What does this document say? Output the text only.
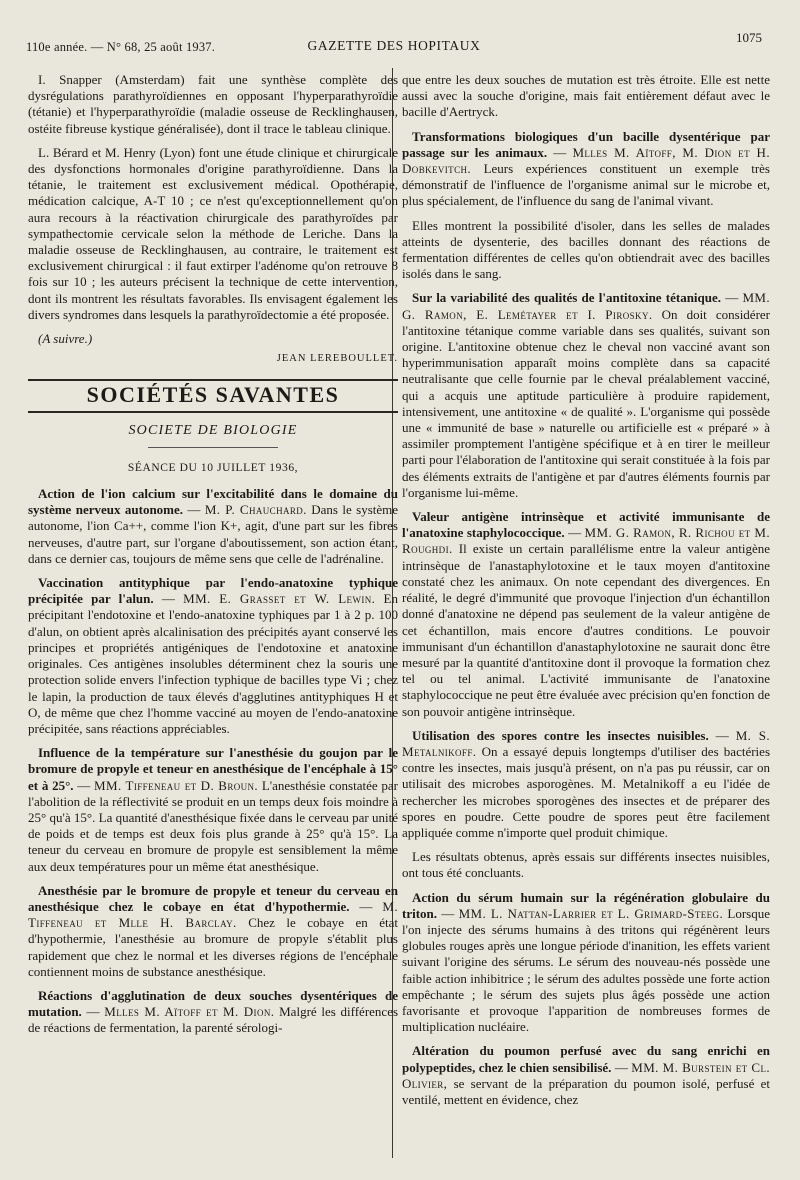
110e année. — N° 68, 25 août 1937.	GAZETTE DES HOPITAUX
1075

I. Snapper (Amsterdam) fait une synthèse complète des dysrégulations parathyroïdiennes en opposant l'hyperparathyroïdie (tétanie) et l'hyperparathyroïdie (maladie osseuse de Recklinghausen, ostéite fibreuse kystique généralisée), dont il trace le tableau clinique.

L. Bérard et M. Henry (Lyon) font une étude clinique et chirurgicale des dysfonctions hormonales d'origine parathyroïdienne. Dans la tétanie, le traitement est exclusivement médical. Opothérapie, médication calcique, A-T 10 ; ce n'est qu'exceptionnellement qu'on aura recours à la réactivation chirurgicale des parathyroïdes par sympathectomie cervicale selon la méthode de Leriche. Dans la maladie osseuse de Recklinghausen, au contraire, le traitement est exclusivement chirurgical : il faut extirper l'adénome qu'on retrouve 8 fois sur 10 ; les auteurs précisent la technique de cette intervention, dont ils montrent les résultats favorables. Ils envisagent également les divers syndromes dans lesquels la parathyroïdectomie a été proposée.

(A suivre.)

JEAN LEREBOULLET.

SOCIÉTÉS SAVANTES
SOCIETE DE BIOLOGIE
SÉANCE DU 10 JUILLET 1936,

Action de l'ion calcium sur l'excitabilité dans le domaine du système nerveux autonome. — M. P. Chauchard. Dans le système autonome, l'ion Ca++, comme l'ion K+, agit, d'une part sur les fibres nerveuses, d'autre part, sur l'organe d'aboutissement, son action étant, dans ce dernier cas, toujours de même sens que celle de l'adrénaline.

Vaccination antityphique par l'endo-anatoxine typhique précipitée par l'alun. — MM. E. Grasset et W. Lewin. En précipitant l'endotoxine et l'endo-anatoxine typhiques par 1 à 2 p. 100 d'alun, on obtient après alcalinisation des précipités ayant conservé les principes et propriétés antigéniques de l'endotoxine et anatoxine originales. Ces antigènes insolubles déterminent chez la souris une protection solide envers l'infection typhique de bacilles type Vi ; chez le lapin, la production de taux élevés d'agglutines antityphiques H et O, de même que chez l'homme vacciné au moyen de l'endo-anatoxine précipitée, sans réactions appréciables.

Influence de la température sur l'anesthésie du goujon par le bromure de propyle et teneur en anesthésique de l'encéphale à 15° et à 25°. — MM. Tiffeneau et D. Broun. L'anesthésie constatée par l'abolition de la réflectivité se produit en un temps deux fois moindre à 25° qu'à 15°. La quantité d'anesthésique fixée dans le cerveau par unité de poids et de temps est deux fois plus grande à 25° qu'à 15°. La teneur du cerveau en bromure de propyle est sensiblement la même aux deux températures pour un même état anesthésique.

Anesthésie par le bromure de propyle et teneur du cerveau en anesthésique chez le cobaye en état d'hypothermie. — M. Tiffeneau et Mlle H. Barclay. Chez le cobaye en état d'hypothermie, l'anesthésie au bromure de propyle s'établit plus rapidement que chez le normal et les diverses régions de l'encéphale contiennent moins de substance anesthésique.

Réactions d'agglutination de deux souches dysentériques de mutation. — Mlles M. Aïtoff et M. Dion. Malgré les différences de réactions de fermentation, la parenté sérologi-

que entre les deux souches de mutation est très étroite. Elle est nette aussi avec la souche d'origine, mais fait entièrement défaut avec le bacille d'Aertryck.

Transformations biologiques d'un bacille dysentérique par passage sur les animaux. — Mlles M. Aïtoff, M. Dion et H. Dobkevitch. Leurs expériences constituent un exemple très démonstratif de l'influence de l'organisme animal sur le microbe et, plus spécialement, de l'influence du sang de l'animal vivant.

Elles montrent la possibilité d'isoler, dans les selles de malades atteints de dysenterie, des bacilles donnant des réactions de fermentation différentes de celles qu'on obtiendrait avec des bacilles isolés dans le sang.

Sur la variabilité des qualités de l'antitoxine tétanique. — MM. G. Ramon, E. Lemétayer et I. Pirosky. On doit considérer l'antitoxine tétanique comme variable dans ses qualités, suivant son origine. L'antitoxine obtenue chez le cheval non vacciné avant son hyperimmunisation apparaît moins complète dans sa capacité neutralisante que celle fournie par le cheval préalablement vacciné, qui a acquis une aptitude particulière à produire rapidement, intensivement, une antitoxine « de qualité ». L'organisme qui possède une « immunité de base » naturelle ou artificielle est « préparé » à assimiler promptement l'antigène spécifique et à en tirer le meilleur parti pour l'élaboration de l'antitoxine qui serait constituée à la fois par des éléments extraits de l'antigène et par d'autres éléments fournis par l'organisme lui-même.

Valeur antigène intrinsèque et activité immunisante de l'anatoxine staphylococcique. — MM. G. Ramon, R. Richou et M. Roughdi. Il existe un certain parallélisme entre la valeur antigène intrinsèque de l'anastaphylotoxine et le taux moyen d'antitoxine constaté chez les animaux. On note cependant des divergences. En réalité, le degré d'immunité que provoque l'injection d'un échantillon donné d'anatoxine ne dépend pas seulement de la valeur antigène de cet échantillon, mais encore d'autres conditions. Le pouvoir immunisant d'un échantillon d'anastaphylotoxine ne saurait donc être mesuré par la quantité d'antitoxine dont il provoque la formation chez tel ou tel animal. L'activité immunisante de l'anatoxine staphylococcique ne peut être évaluée avec précision qu'en fonction de son pouvoir antigène intrinsèque.

Utilisation des spores contre les insectes nuisibles. — M. S. Metalnikoff. On a essayé depuis longtemps d'utiliser des bactéries contre les insectes, mais jusqu'à présent, on n'a pas pu réussir, car on utilisait des microbes asporogènes. M. Metalnikoff a eu l'idée de rechercher les microbes sporogènes des insectes et de préparer des spores en poudre. Cette poudre de spores peut être facilement appliquée comme n'importe quel produit chimique.

Les résultats obtenus, après essais sur différents insectes nuisibles, ont tous été concluants.

Action du sérum humain sur la régénération globulaire du triton. — MM. L. Nattan-Larrier et L. Grimard-Steeg. Lorsque l'on injecte des sérums humains à des tritons qui régénèrent leurs globules rouges après une longue période d'inanition, les effets varient suivant l'origine des sérums. Le sérum des nouveau-nés possède une faible action inhibitrice ; le sérum des adultes possède une forte action empêchante ; le sérum des sujets plus âgés possède une action favorisante et provoque l'apparition de nombreuses formes de multiplication nucléaire.

Altération du poumon perfusé avec du sang enrichi en polypeptides, chez le chien sensibilisé. — MM. M. Burstein et Cl. Olivier, se servant de la préparation du poumon isolé, perfusé et ventilé, mettent en évidence, chez
